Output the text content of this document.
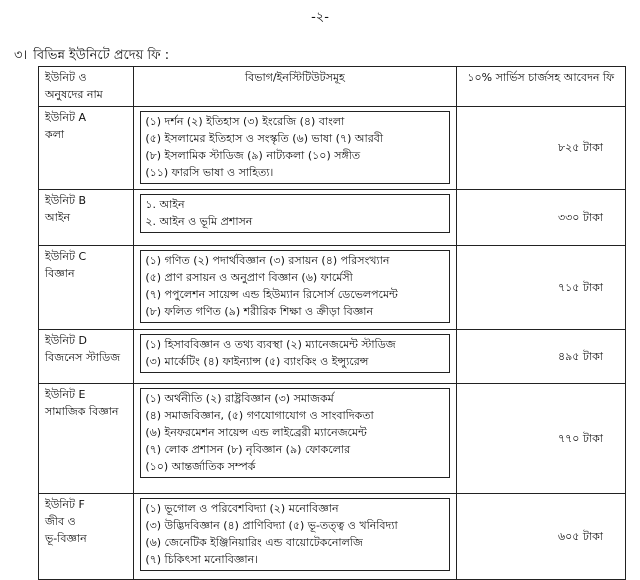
-২-
৩। বিভিন্ন ইউনিটে প্রদেয় ফি :
ইউনিট ও
অনুষদের নাম	বিভাগ/ইনস্টিটিউটসমূহ	১০% সার্ভিস চার্জসহ আবেদন ফি

ইউনিট A
কলা	(১) দর্শন (২) ইতিহাস (৩) ইংরেজি (৪) বাংলা
(৫) ইসলামের ইতিহাস ও সংস্কৃতি (৬) ভাষা (৭) আরবী
(৮) ইসলামিক স্টাডিজ (৯) নাট্যকলা (১০) সঙ্গীত
(১১) ফারসি ভাষা ও সাহিত্য।	৮২৫ টাকা

ইউনিট B
আইন	১. আইন
২. আইন ও ভূমি প্রশাসন	৩৩০ টাকা

ইউনিট C
বিজ্ঞান	(১) গণিত (২) পদার্থবিজ্ঞান (৩) রসায়ন (৪) পরিসংখ্যান
(৫) প্রাণ রসায়ন ও অনুপ্রাণ বিজ্ঞান (৬) ফার্মেসী
(৭) পপুলেশন সায়েন্স এন্ড হিউম্যান রিসোর্স ডেভেলপমেন্ট
(৮) ফলিত গণিত (৯) শরীরিক শিক্ষা ও ক্রীড়া বিজ্ঞান	৭১৫ টাকা

ইউনিট D
বিজনেস স্টাডিজ	(১) হিসাববিজ্ঞান ও তথ্য ব্যবস্থা (২) ম্যানেজমেন্ট স্টাডিজ
(৩) মার্কেটিং (৪) ফাইন্যান্স (৫) ব্যাংকিং ও ইন্স্যুরেন্স	৪৯৫ টাকা

ইউনিট E
সামাজিক বিজ্ঞান	(১) অর্থনীতি (২) রাষ্ট্রবিজ্ঞান (৩) সমাজকর্ম
(৪) সমাজবিজ্ঞান, (৫) গণযোগাযোগ ও সাংবাদিকতা
(৬) ইনফরমেশন সায়েন্স এন্ড লাইব্রেরী ম্যানেজমেন্ট
(৭) লোক প্রশাসন (৮) নৃবিজ্ঞান (৯) ফোকলোর
(১০) আন্তর্জাতিক সম্পর্ক	৭৭০ টাকা

ইউনিট F
জীব ও
ভূ-বিজ্ঞান	(১) ভূগোল ও পরিবেশবিদ্যা (২) মনোবিজ্ঞান
(৩) উদ্ভিদবিজ্ঞান (৪) প্রাণিবিদ্যা (৫) ভূ-তত্ত্ব ও খনিবিদ্যা
(৬) জেনেটিক ইঞ্জিনিয়ারিং এন্ড বায়োটেকনোলজি
(৭) চিকিৎসা মনোবিজ্ঞান।	৬০৫ টাকা
